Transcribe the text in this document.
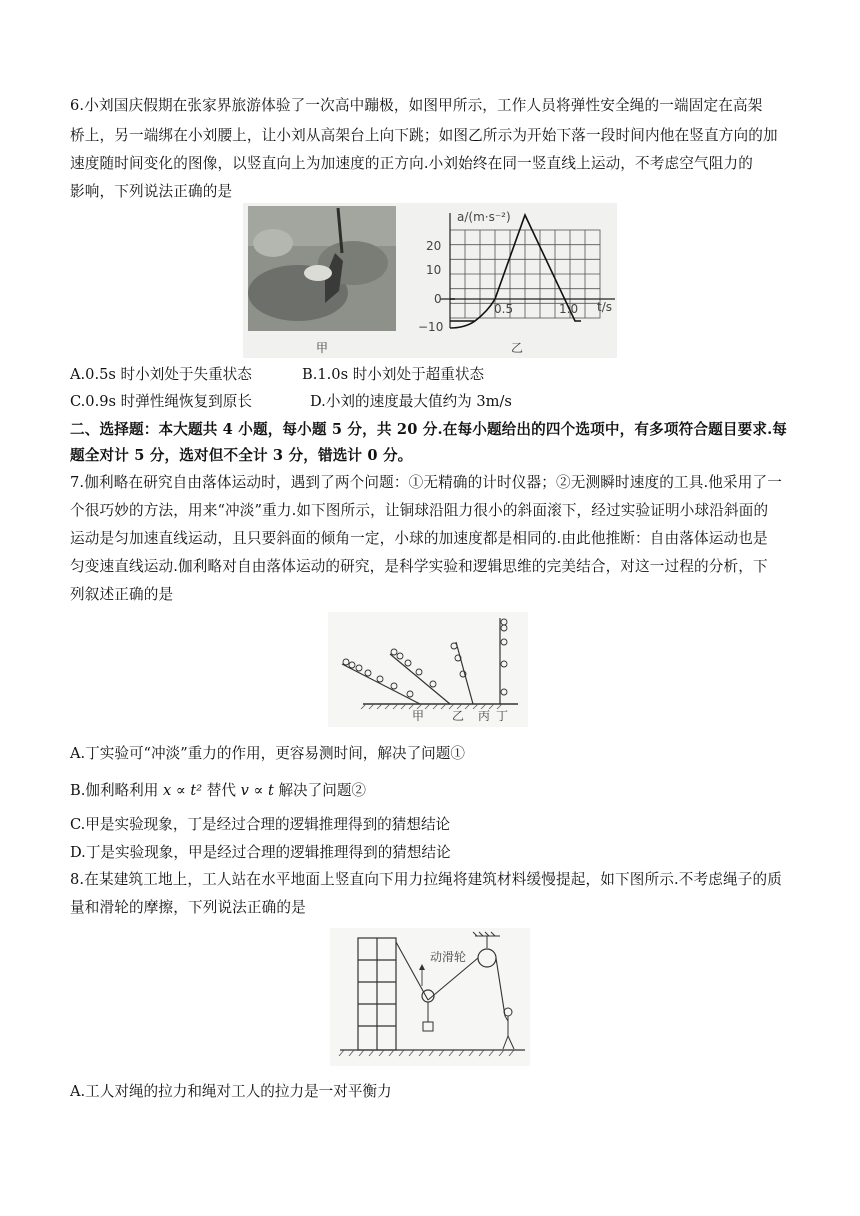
6.小刘国庆假期在张家界旅游体验了一次高中蹦极，如图甲所示，工作人员将弹性安全绳的一端固定在高架
桥上，另一端绑在小刘腰上，让小刘从高架台上向下跳；如图乙所示为开始下落一段时间内他在竖直方向的加
速度随时间变化的图像，以竖直向上为加速度的正方向.小刘始终在同一竖直线上运动，不考虑空气阻力的
影响，下列说法正确的是
甲
a/(m·s⁻²)
t/s
20
10
0
−10
0.5	1.0
乙
A.0.5s 时小刘处于失重状态	B.1.0s 时小刘处于超重状态
C.0.9s 时弹性绳恢复到原长	D.小刘的速度最大值约为 3m/s
二、选择题：本大题共 4 小题，每小题 5 分，共 20 分.在每小题给出的四个选项中，有多项符合题目要求.每
题全对计 5 分，选对但不全计 3 分，错选计 0 分。
7.伽利略在研究自由落体运动时，遇到了两个问题：①无精确的计时仪器；②无测瞬时速度的工具.他采用了一
个很巧妙的方法，用来“冲淡”重力.如下图所示，让铜球沿阻力很小的斜面滚下，经过实验证明小球沿斜面的
运动是匀加速直线运动，且只要斜面的倾角一定，小球的加速度都是相同的.由此他推断：自由落体运动也是
匀变速直线运动.伽利略对自由落体运动的研究，是科学实验和逻辑思维的完美结合，对这一过程的分析，下
列叙述正确的是
甲 乙 丙 丁
A.丁实验可“冲淡”重力的作用，更容易测时间，解决了问题①
B.伽利略利用 x ∝ t² 替代 v ∝ t 解决了问题②
C.甲是实验现象，丁是经过合理的逻辑推理得到的猜想结论
D.丁是实验现象，甲是经过合理的逻辑推理得到的猜想结论
8.在某建筑工地上，工人站在水平地面上竖直向下用力拉绳将建筑材料缓慢提起，如下图所示.不考虑绳子的质
量和滑轮的摩擦，下列说法正确的是
动滑轮
A.工人对绳的拉力和绳对工人的拉力是一对平衡力
